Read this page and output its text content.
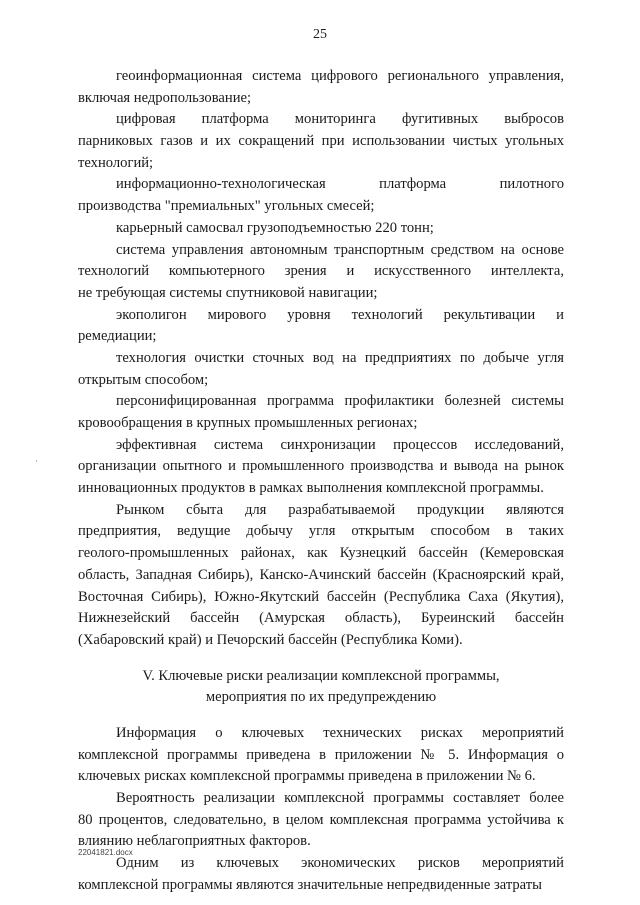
25
геоинформационная система цифрового регионального управления,
включая недропользование;
цифровая платформа мониторинга фугитивных выбросов
парниковых газов и их сокращений при использовании чистых угольных
технологий;
информационно-технологическая платформа пилотного
производства "премиальных" угольных смесей;
карьерный самосвал грузоподъемностью 220 тонн;
система управления автономным транспортным средством на основе
технологий компьютерного зрения и искусственного интеллекта,
не требующая системы спутниковой навигации;
экополигон мирового уровня технологий рекультивации и
ремедиации;
технология очистки сточных вод на предприятиях по добыче угля
открытым способом;
персонифицированная программа профилактики болезней системы
кровообращения в крупных промышленных регионах;
эффективная система синхронизации процессов исследований,
организации опытного и промышленного производства и вывода на рынок
инновационных продуктов в рамках выполнения комплексной программы.
Рынком сбыта для разрабатываемой продукции являются
предприятия, ведущие добычу угля открытым способом в таких
геолого-промышленных районах, как Кузнецкий бассейн (Кемеровская
область, Западная Сибирь), Канско-Ачинский бассейн (Красноярский край,
Восточная Сибирь), Южно-Якутский бассейн (Республика Саха (Якутия),
Нижнезейский бассейн (Амурская область), Буреинский бассейн
(Хабаровский край) и Печорский бассейн (Республика Коми).
V. Ключевые риски реализации комплексной программы,
мероприятия по их предупреждению
Информация о ключевых технических рисках мероприятий
комплексной программы приведена в приложении № 5. Информация о
ключевых рисках комплексной программы приведена в приложении № 6.
Вероятность реализации комплексной программы составляет более
80 процентов, следовательно, в целом комплексная программа устойчива к
влиянию неблагоприятных факторов.
Одним из ключевых экономических рисков мероприятий
комплексной программы являются значительные непредвиденные затраты
22041821.docx
